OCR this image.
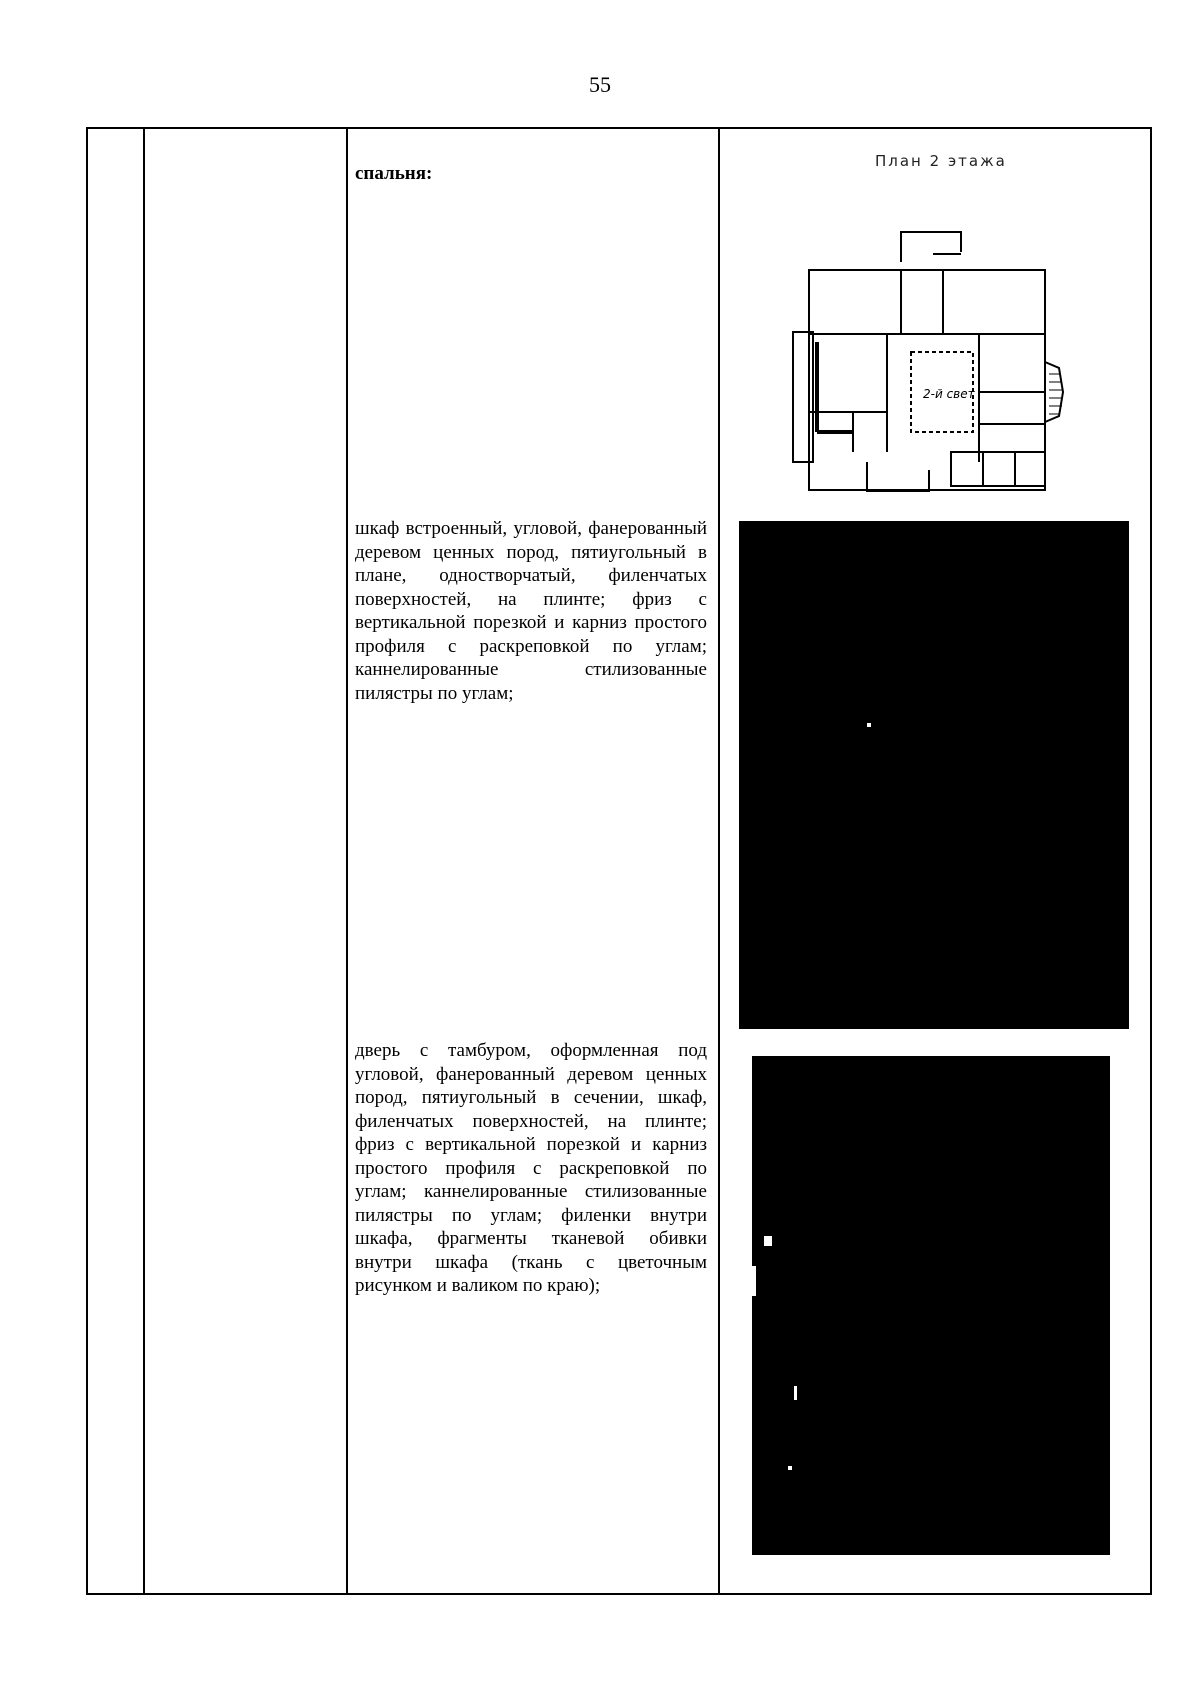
55
спальня:
План 2 этажа
2-й свет
шкаф встроенный, угловой, фанерованный деревом ценных пород, пятиугольный в плане, одностворчатый, филенчатых поверхностей, на плинте; фриз с вертикальной порезкой и карниз простого профиля с раскреповкой по углам; каннелированные стилизованные пилястры по углам;
дверь с тамбуром, оформленная под угловой, фанерованный деревом ценных пород, пятиугольный в сечении, шкаф, филенчатых поверхностей, на плинте; фриз с вертикальной порезкой и карниз простого профиля с раскреповкой по углам; каннелированные стилизованные пилястры по углам; филенки внутри шкафа, фрагменты тканевой обивки внутри шкафа (ткань с цветочным рисунком и валиком по краю);
